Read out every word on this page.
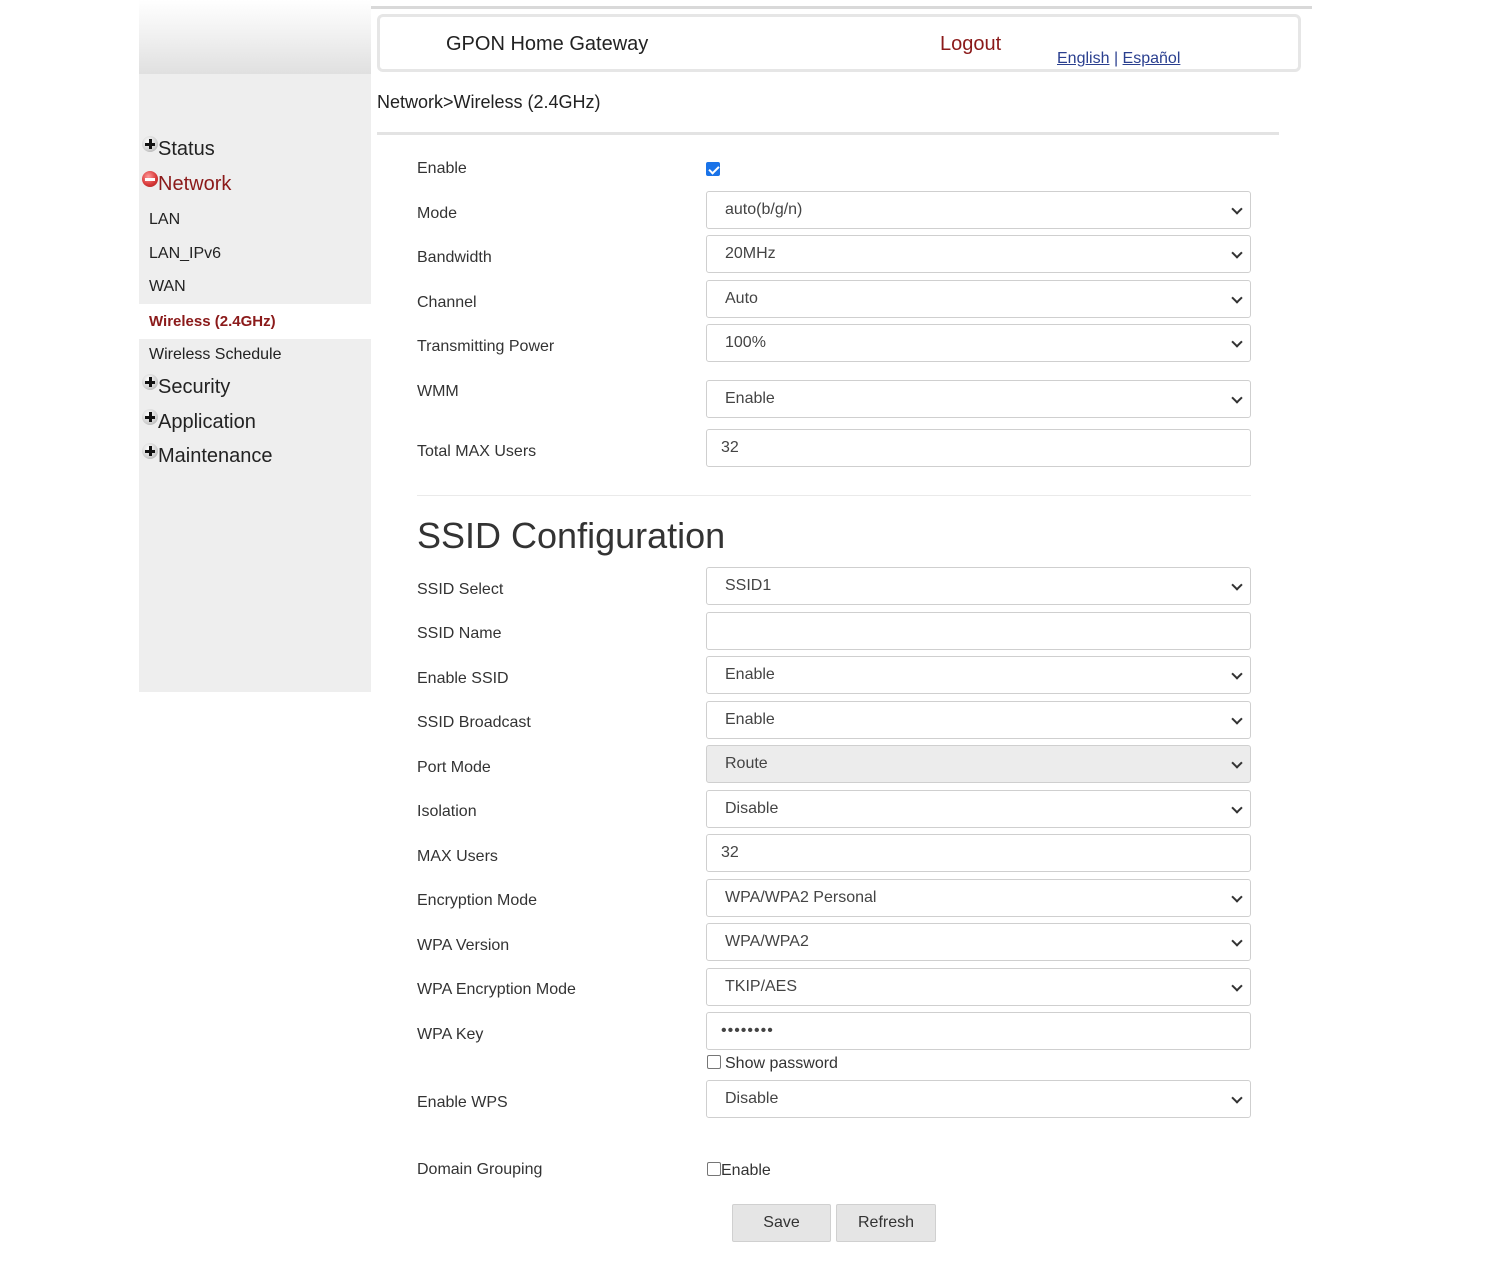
GPON Home Gateway	Logout
English | Español
Status
Network
LAN
LAN_IPv6
WAN
Wireless (2.4GHz)
Wireless Schedule
Security
Application
Maintenance
Network>Wireless (2.4GHz)
Enable
Mode	auto(b/g/n)
Bandwidth	20MHz
Channel	Auto
Transmitting Power	100%
WMM	Enable
Total MAX Users	32
SSID Configuration
SSID Select	SSID1
SSID Name
Enable SSID	Enable
SSID Broadcast	Enable
Port Mode	Route
Isolation	Disable
MAX Users	32
Encryption Mode	WPA/WPA2 Personal
WPA Version	WPA/WPA2
WPA Encryption Mode	TKIP/AES
WPA Key	••••••••
Show password
Enable WPS	Disable
Domain Grouping	Enable
Save	Refresh
